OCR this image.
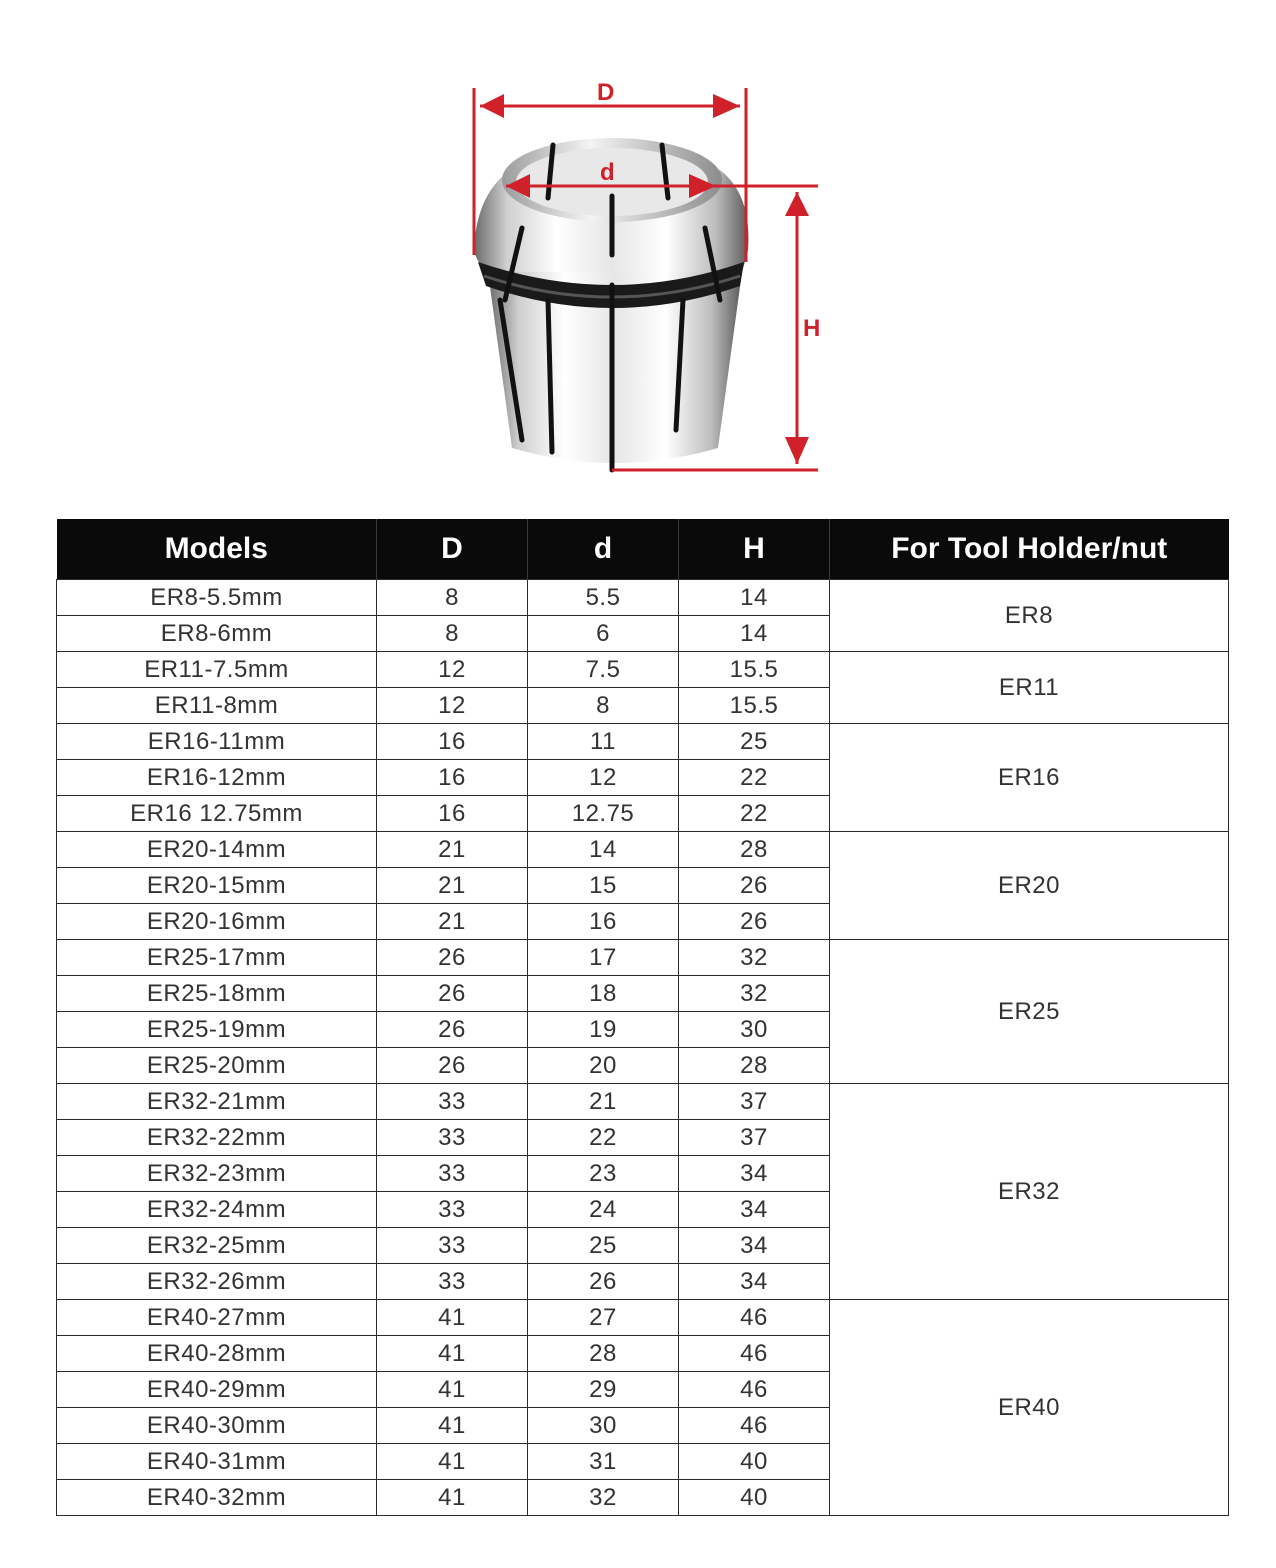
D
d
H
Models	D	d	H	For Tool Holder/nut
ER8-5.5mm	8	5.5	14	ER8
ER8-6mm	8	6	14	
ER11-7.5mm	12	7.5	15.5	ER11
ER11-8mm	12	8	15.5	
ER16-11mm	16	11	25	ER16
ER16-12mm	16	12	22	
ER16 12.75mm	16	12.75	22	
ER20-14mm	21	14	28	ER20
ER20-15mm	21	15	26	
ER20-16mm	21	16	26	
ER25-17mm	26	17	32	ER25
ER25-18mm	26	18	32	
ER25-19mm	26	19	30	
ER25-20mm	26	20	28	
ER32-21mm	33	21	37	ER32
ER32-22mm	33	22	37	
ER32-23mm	33	23	34	
ER32-24mm	33	24	34	
ER32-25mm	33	25	34	
ER32-26mm	33	26	34	
ER40-27mm	41	27	46	ER40
ER40-28mm	41	28	46	
ER40-29mm	41	29	46	
ER40-30mm	41	30	46	
ER40-31mm	41	31	40	
ER40-32mm	41	32	40	
